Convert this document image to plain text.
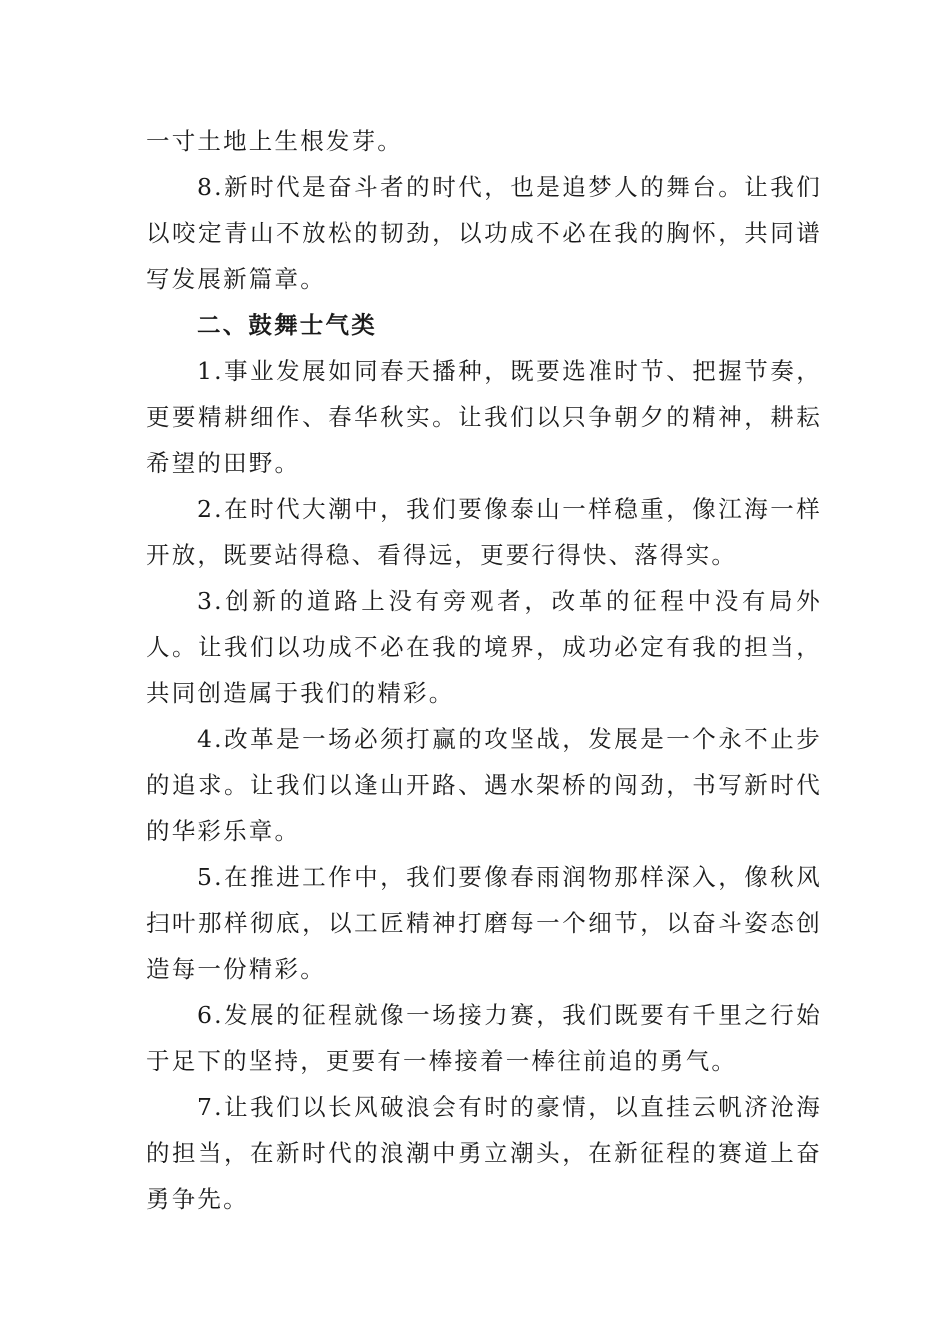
一寸土地上生根发芽。

8.新时代是奋斗者的时代，也是追梦人的舞台。让我们以咬定青山不放松的韧劲，以功成不必在我的胸怀，共同谱写发展新篇章。

二、鼓舞士气类

1.事业发展如同春天播种，既要选准时节、把握节奏，更要精耕细作、春华秋实。让我们以只争朝夕的精神，耕耘希望的田野。

2.在时代大潮中，我们要像泰山一样稳重，像江海一样开放，既要站得稳、看得远，更要行得快、落得实。

3.创新的道路上没有旁观者，改革的征程中没有局外人。让我们以功成不必在我的境界，成功必定有我的担当，共同创造属于我们的精彩。

4.改革是一场必须打赢的攻坚战，发展是一个永不止步的追求。让我们以逢山开路、遇水架桥的闯劲，书写新时代的华彩乐章。

5.在推进工作中，我们要像春雨润物那样深入，像秋风扫叶那样彻底，以工匠精神打磨每一个细节，以奋斗姿态创造每一份精彩。

6.发展的征程就像一场接力赛，我们既要有千里之行始于足下的坚持，更要有一棒接着一棒往前追的勇气。

7.让我们以长风破浪会有时的豪情，以直挂云帆济沧海的担当，在新时代的浪潮中勇立潮头，在新征程的赛道上奋勇争先。
